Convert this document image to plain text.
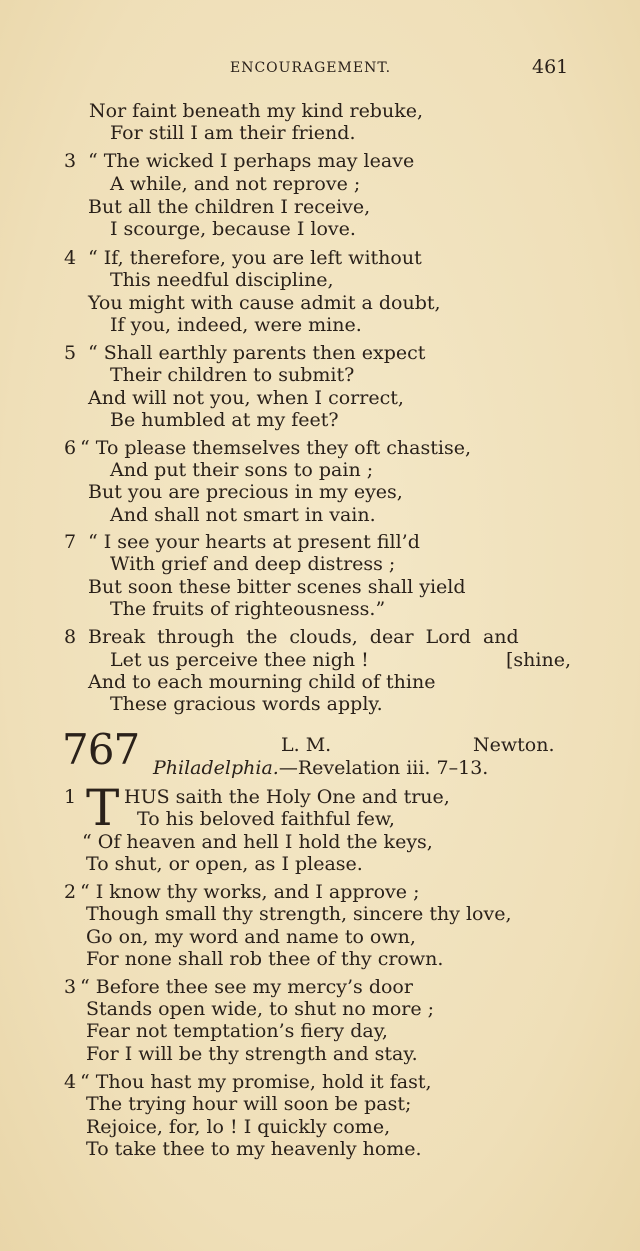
ENCOURAGEMENT.	461
Nor faint beneath my kind rebuke,
For still I am their friend.
3 “ The wicked I perhaps may leave
A while, and not reprove ;
But all the children I receive,
I scourge, because I love.
4 “ If, therefore, you are left without
This needful discipline,
You might with cause admit a doubt,
If you, indeed, were mine.
5 “ Shall earthly parents then expect
Their children to submit?
And will not you, when I correct,
Be humbled at my feet?
6 “ To please themselves they oft chastise,
And put their sons to pain ;
But you are precious in my eyes,
And shall not smart in vain.
7 “ I see your hearts at present fill’d
With grief and deep distress ;
But soon these bitter scenes shall yield
The fruits of righteousness.”
8 Break through the clouds, dear Lord and
Let us perceive thee nigh !	[shine,
And to each mourning child of thine
These gracious words apply.
767	L. M.	Newton.
Philadelphia.—Revelation iii. 7–13.
1 T HUS saith the Holy One and true,
To his beloved faithful few,
“ Of heaven and hell I hold the keys,
To shut, or open, as I please.
2 “ I know thy works, and I approve ;
Though small thy strength, sincere thy love,
Go on, my word and name to own,
For none shall rob thee of thy crown.
3 “ Before thee see my mercy’s door
Stands open wide, to shut no more ;
Fear not temptation’s fiery day,
For I will be thy strength and stay.
4 “ Thou hast my promise, hold it fast,
The trying hour will soon be past;
Rejoice, for, lo ! I quickly come,
To take thee to my heavenly home.
